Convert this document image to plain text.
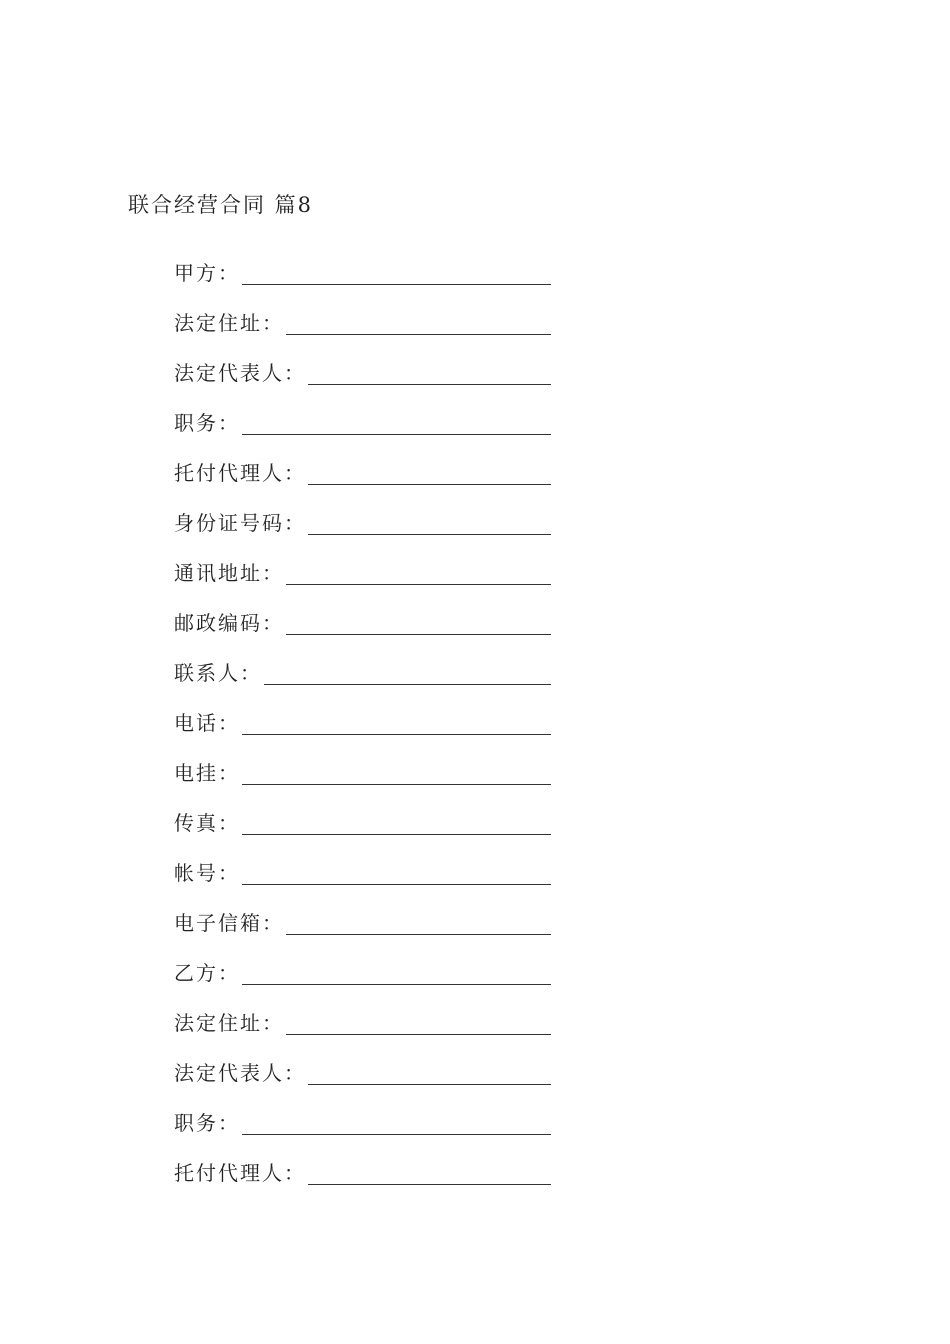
联合经营合同 篇8
甲方：
法定住址：
法定代表人：
职务：
托付代理人：
身份证号码：
通讯地址：
邮政编码：
联系人：
电话：
电挂：
传真：
帐号：
电子信箱：
乙方：
法定住址：
法定代表人：
职务：
托付代理人：
